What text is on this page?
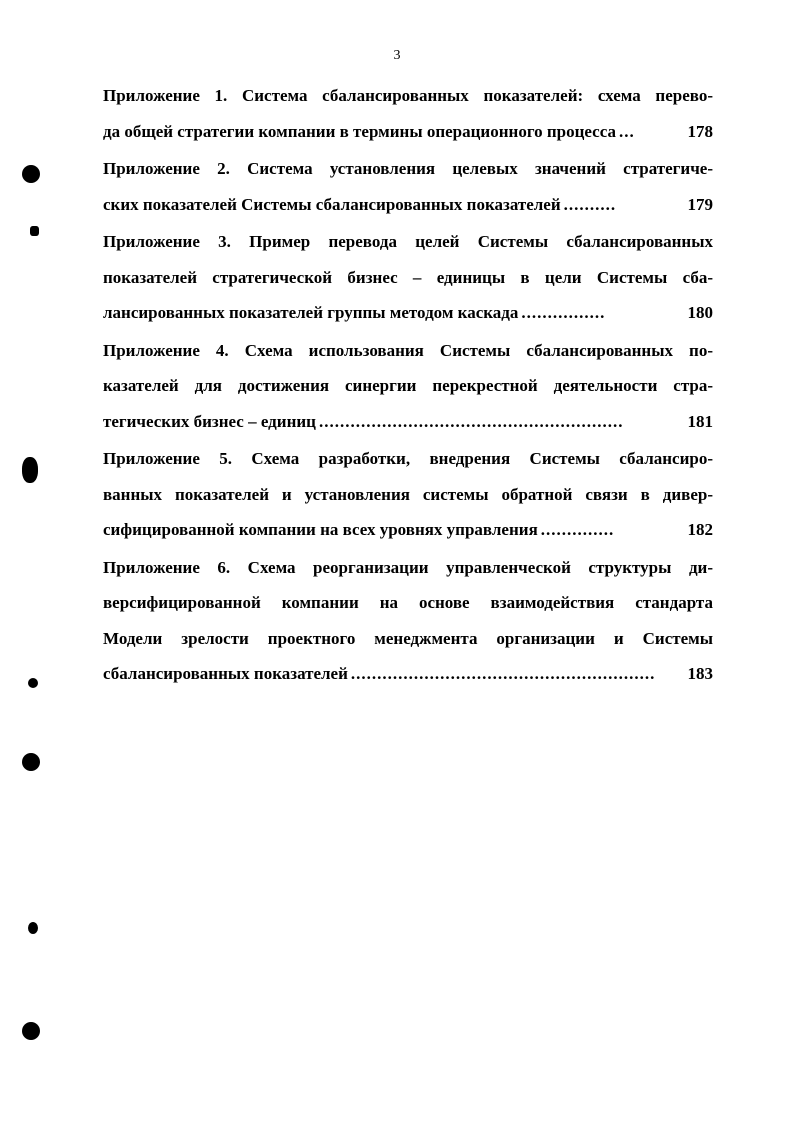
3
Приложение 1. Система сбалансированных показателей: схема перево-
да общей стратегии компании в термины операционного процесса ...	178
Приложение 2. Система установления целевых значений стратегиче-
ских показателей Системы сбалансированных показателей ..........	179
Приложение 3. Пример перевода целей Системы сбалансированных
показателей стратегической бизнес – единицы в цели Системы сба-
лансированных показателей группы методом каскада ................	180
Приложение 4. Схема использования Системы сбалансированных по-
казателей для достижения синергии перекрестной деятельности стра-
тегических бизнес – единиц ..........................................................	181
Приложение 5. Схема разработки, внедрения Системы сбалансиро-
ванных показателей и установления системы обратной связи в дивер-
сифицированной компании на всех уровнях управления ..............	182
Приложение 6. Схема реорганизации управленческой структуры ди-
версифицированной компании на основе взаимодействия стандарта
Модели зрелости проектного менеджмента организации и Системы
сбалансированных показателей ..........................................................	183
